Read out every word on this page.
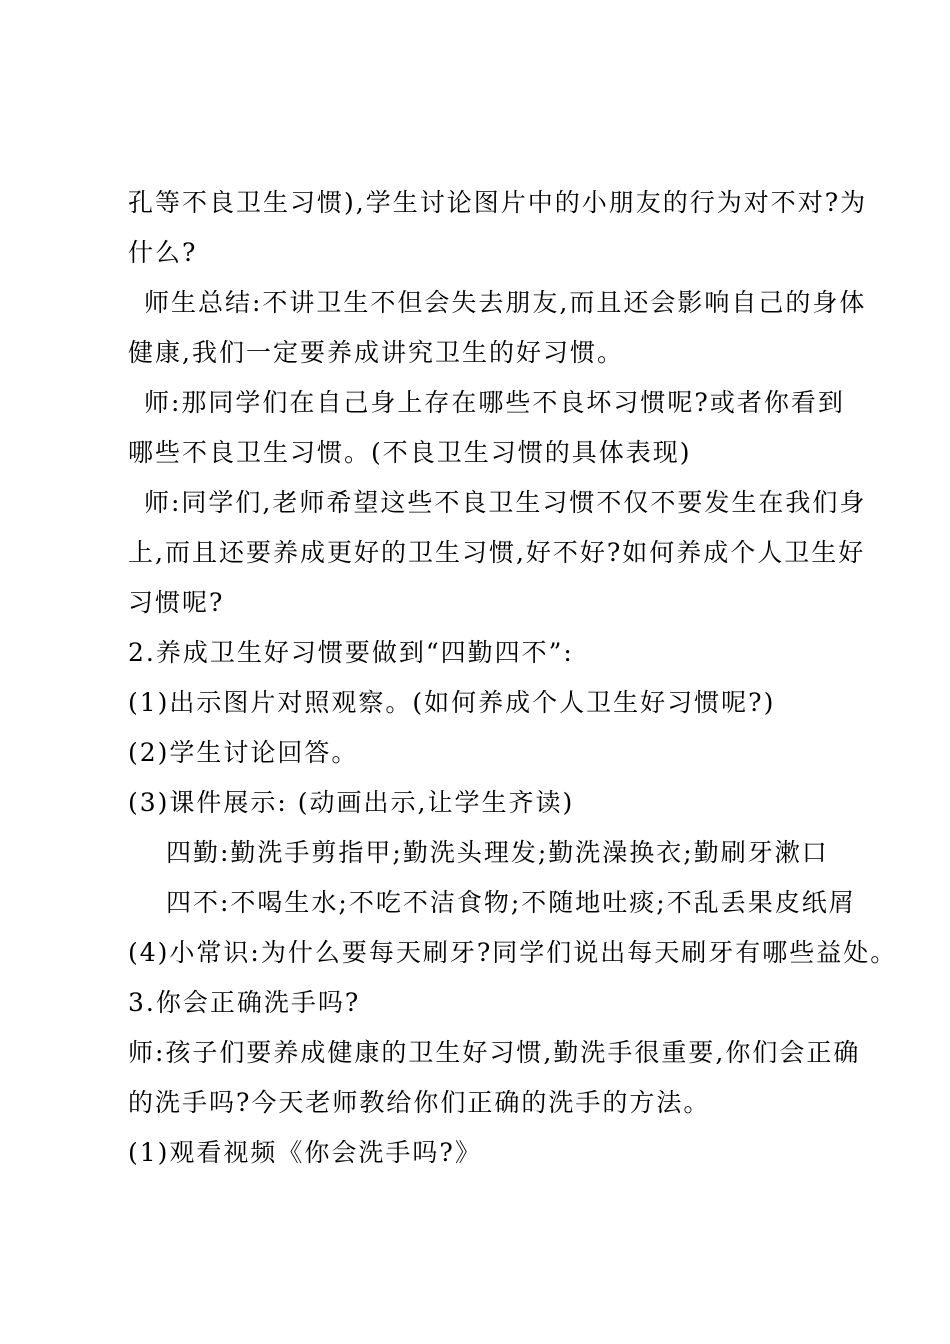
孔等不良卫生习惯),学生讨论图片中的小朋友的行为对不对?为
什么?
师生总结:不讲卫生不但会失去朋友,而且还会影响自己的身体
健康,我们一定要养成讲究卫生的好习惯。
师:那同学们在自己身上存在哪些不良坏习惯呢?或者你看到
哪些不良卫生习惯。(不良卫生习惯的具体表现)
师:同学们,老师希望这些不良卫生习惯不仅不要发生在我们身
上,而且还要养成更好的卫生习惯,好不好?如何养成个人卫生好
习惯呢?
2.养成卫生好习惯要做到“四勤四不”:
(1)出示图片对照观察。(如何养成个人卫生好习惯呢?)
(2)学生讨论回答。
(3)课件展示: (动画出示,让学生齐读)
四勤:勤洗手剪指甲;勤洗头理发;勤洗澡换衣;勤刷牙漱口
四不:不喝生水;不吃不洁食物;不随地吐痰;不乱丢果皮纸屑
(4)小常识:为什么要每天刷牙?同学们说出每天刷牙有哪些益处。
3.你会正确洗手吗?
师:孩子们要养成健康的卫生好习惯,勤洗手很重要,你们会正确
的洗手吗?今天老师教给你们正确的洗手的方法。
(1)观看视频《你会洗手吗?》
